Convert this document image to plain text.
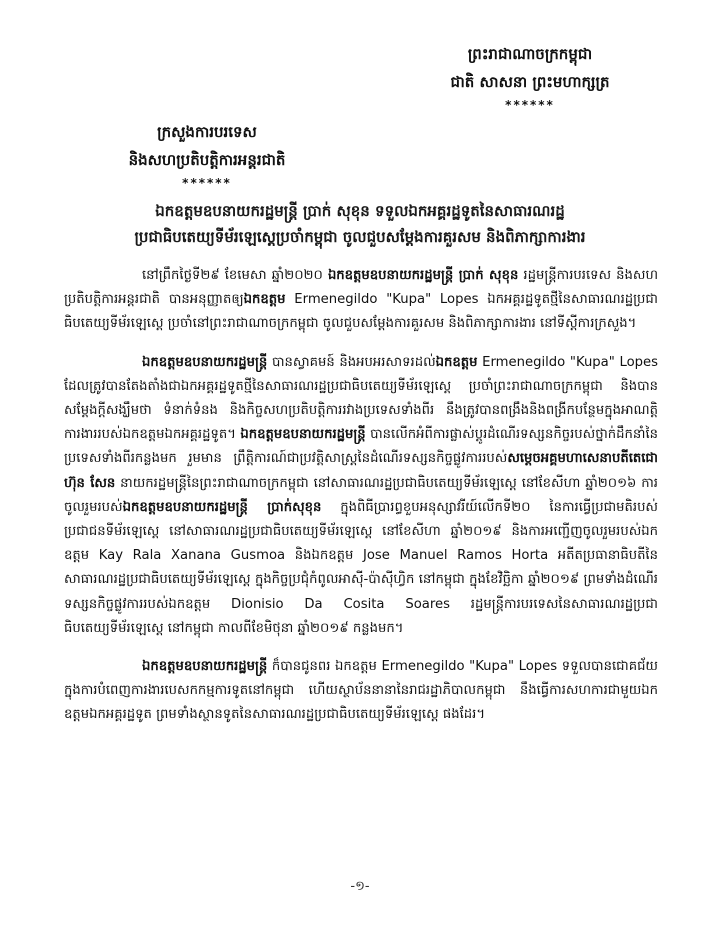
ព្រះរាជាណាចក្រកម្ពុជា
ជាតិ សាសនា ព្រះមហាក្សត្រ
******
ក្រសួងការបរទេស
និងសហប្រតិបត្តិការអន្តរជាតិ
******
ឯកឧត្តមឧបនាយករដ្ឋមន្ត្រី ប្រាក់ សុខុន ទទួលឯកអគ្គរដ្ឋទូតនៃសាធារណរដ្ឋ
ប្រជាធិបតេយ្យទីម័រឡេស្តេប្រចាំកម្ពុជា ចូលជួបសម្តែងការគួរសម និងពិភាក្សាការងារ

នៅព្រឹកថ្ងៃទី២៩ ខែមេសា ឆ្នាំ២០២០ ឯកឧត្តមឧបនាយករដ្ឋមន្ត្រី ប្រាក់ សុខុន រដ្ឋមន្ត្រីការបរទេស និងសហប្រតិបត្តិការអន្តរជាតិ បានអនុញ្ញាតឲ្យឯកឧត្តម Ermenegildo "Kupa" Lopes ឯកអគ្គរដ្ឋទូតថ្មីនៃសាធារណរដ្ឋប្រជាធិបតេយ្យទីម័រឡេស្តេ ប្រចាំនៅព្រះរាជាណាចក្រកម្ពុជា ចូលជួបសម្តែងការគួរសម និងពិភាក្សាការងារ នៅទីស្តីការក្រសួង។

ឯកឧត្តមឧបនាយករដ្ឋមន្ត្រី បានស្វាគមន៍ និងអបអរសាទរដល់ឯកឧត្តម Ermenegildo "Kupa" Lopes ដែលត្រូវបានតែងតាំងជាឯកអគ្គរដ្ឋទូតថ្មីនៃសាធារណរដ្ឋប្រជាធិបតេយ្យទីម័រឡេស្តេ ប្រចាំព្រះរាជាណាចក្រកម្ពុជា និងបានសម្តែងក្តីសង្ឃឹមថា ទំនាក់ទំនង និងកិច្ចសហប្រតិបត្តិការរវាងប្រទេសទាំងពីរ នឹងត្រូវបានពង្រឹងនិងពង្រីកបន្ថែមក្នុងអាណត្តិការងាររបស់ឯកឧត្តមឯកអគ្គរដ្ឋទូត។ ឯកឧត្តមឧបនាយករដ្ឋមន្ត្រី បានលើកអំពីការផ្លាស់ប្តូរដំណើរទស្សនកិច្ចរបស់ថ្នាក់ដឹកនាំនៃប្រទេសទាំងពីរកន្លងមក រួមមាន ព្រឹត្តិការណ៍ជាប្រវត្តិសាស្ត្រនៃដំណើរទស្សនកិច្ចផ្លូវការរបស់សម្តេចអគ្គមហាសេនាបតីតេជោ ហ៊ុន សែន នាយករដ្ឋមន្ត្រីនៃព្រះរាជាណាចក្រកម្ពុជា នៅសាធារណរដ្ឋប្រជាធិបតេយ្យទីម័រឡេស្តេ នៅខែសីហា ឆ្នាំ២០១៦ ការចូលរួមរបស់ឯកឧត្តមឧបនាយករដ្ឋមន្ត្រី ប្រាក់សុខុន ក្នុងពិធីប្រារព្ធខួបអនុស្សាវរីយ៍លើកទី២០ នៃការធ្វើប្រជាមតិរបស់ប្រជាជនទីម័រឡេស្តេ នៅសាធារណរដ្ឋប្រជាធិបតេយ្យទីម័រឡេស្តេ នៅខែសីហា ឆ្នាំ២០១៩ និងការអញ្ជើញចូលរួមរបស់ឯកឧត្តម Kay Rala Xanana Gusmoa និងឯកឧត្តម Jose Manuel Ramos Horta អតីតប្រធានាធិបតីនៃសាធារណរដ្ឋប្រជាធិបតេយ្យទីម័រឡេស្តេ ក្នុងកិច្ចប្រជុំកំពូលអាស៊ី-ប៉ាស៊ីហ្វិក នៅកម្ពុជា ក្នុងខែវិច្ឆិកា ឆ្នាំ២០១៩ ព្រមទាំងដំណើរទស្សនកិច្ចផ្លូវការរបស់ឯកឧត្តម Dionisio Da Cosita Soares រដ្ឋមន្ត្រីការបរទេសនៃសាធារណរដ្ឋប្រជាធិបតេយ្យទីម័រឡេស្តេ នៅកម្ពុជា កាលពីខែមិថុនា ឆ្នាំ២០១៩ កន្លងមក។

ឯកឧត្តមឧបនាយករដ្ឋមន្ត្រី ក៏បានជូនពរ ឯកឧត្តម Ermenegildo "Kupa" Lopes ទទួលបានជោគជ័យក្នុងការបំពេញការងារបេសកកម្មការទូតនៅកម្ពុជា ហើយស្ថាប័ននានានៃរាជរដ្ឋាភិបាលកម្ពុជា នឹងធ្វើការសហការជាមួយឯកឧត្តមឯកអគ្គរដ្ឋទូត ព្រមទាំងស្ថានទូតនៃសាធារណរដ្ឋប្រជាធិបតេយ្យទីម័រឡេស្តេ ផងដែរ។

-១-
